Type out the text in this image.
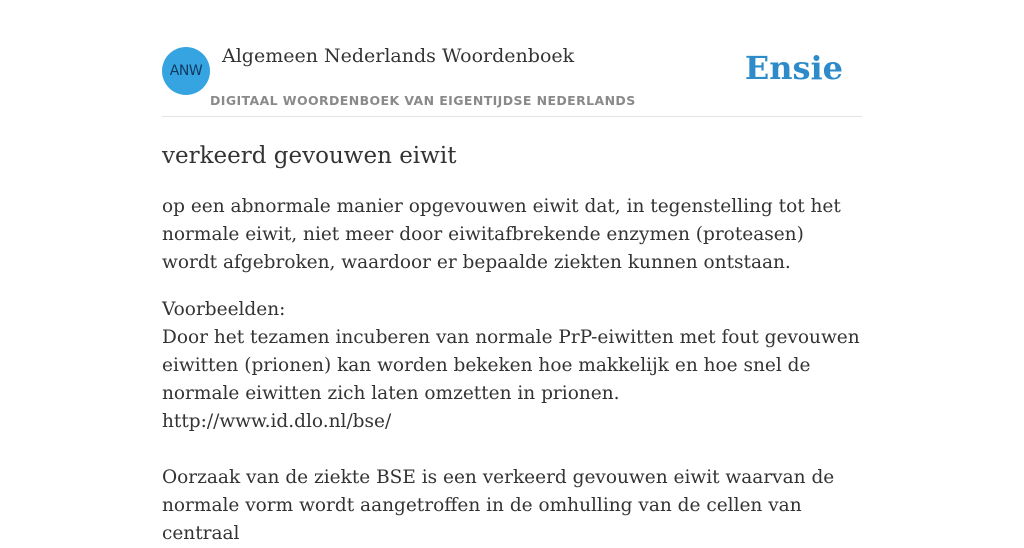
ANW
Algemeen Nederlands Woordenboek
DIGITAAL WOORDENBOEK VAN EIGENTIJDSE NEDERLANDS
Ensie
verkeerd gevouwen eiwit

op een abnormale manier opgevouwen eiwit dat, in tegenstelling tot het normale eiwit, niet meer door eiwitafbrekende enzymen (proteasen) wordt afgebroken, waardoor er bepaalde ziekten kunnen ontstaan.

Voorbeelden:
Door het tezamen incuberen van normale PrP-eiwitten met fout gevouwen eiwitten (prionen) kan worden bekeken hoe makkelijk en hoe snel de normale eiwitten zich laten omzetten in prionen.
http://www.id.dlo.nl/bse/
Oorzaak van de ziekte BSE is een verkeerd gevouwen eiwit waarvan de normale vorm wordt aangetroffen in de omhulling van de cellen van centraal
